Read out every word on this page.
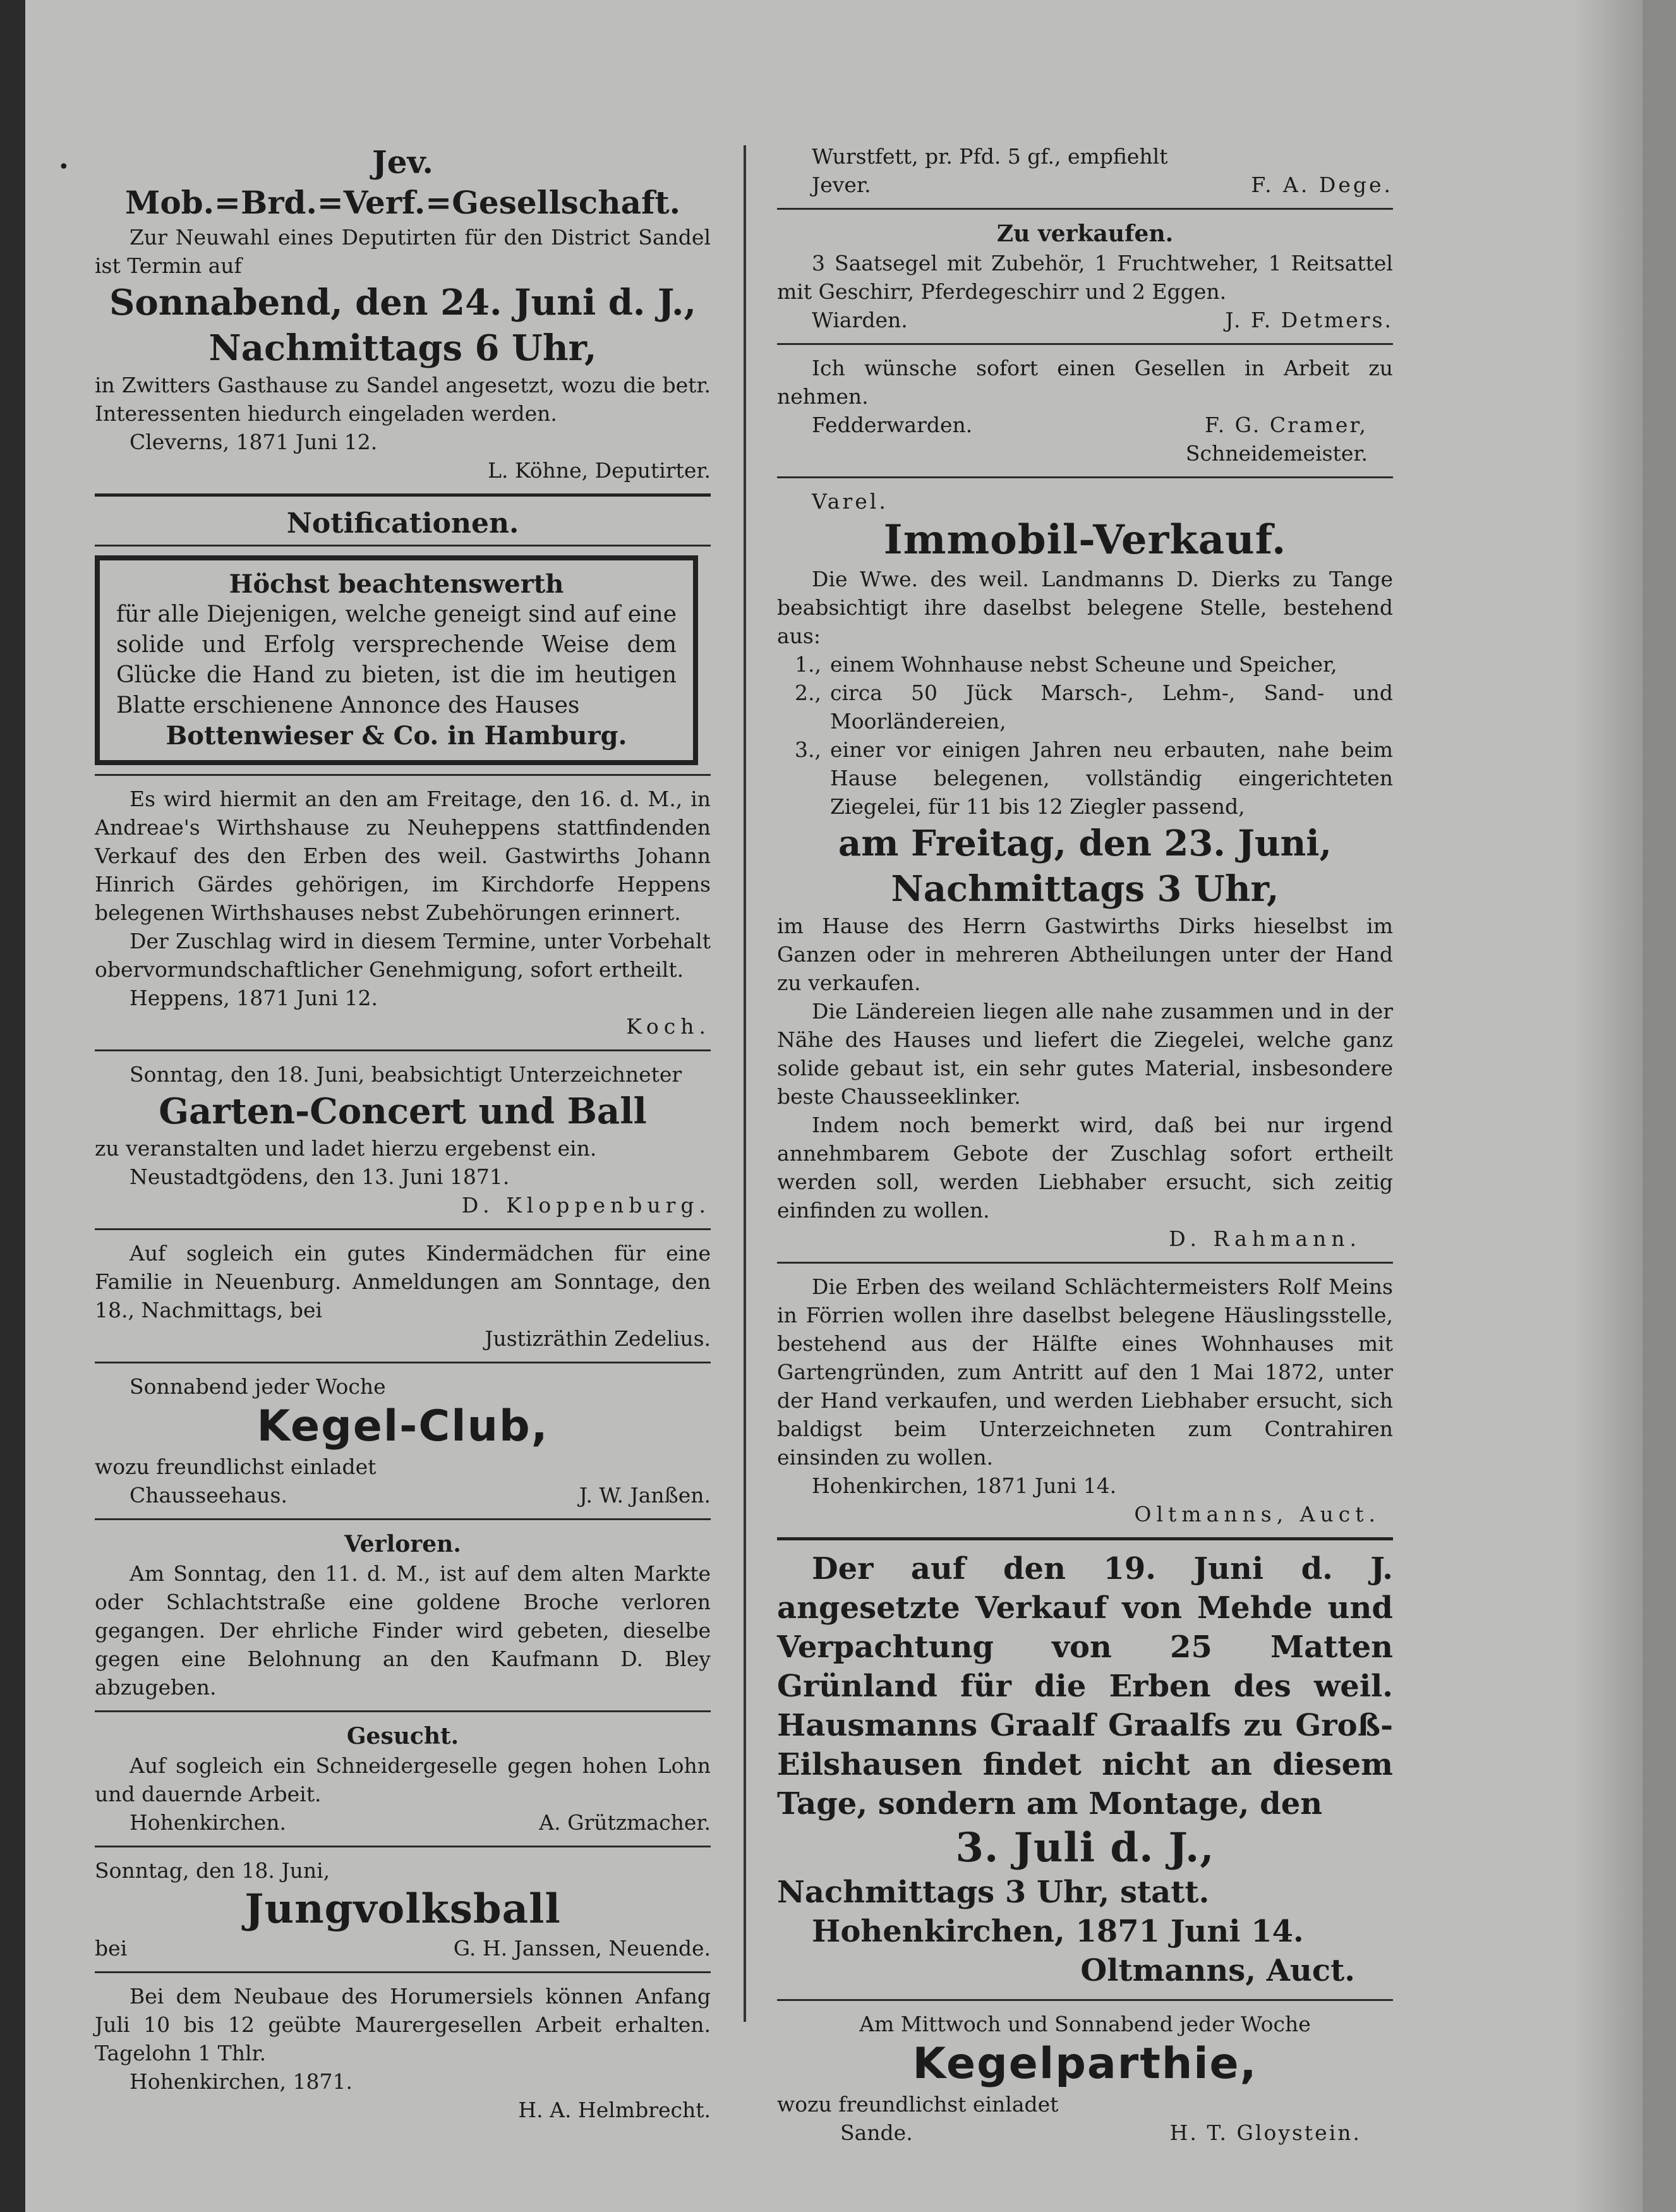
•	Jev. Mob.=Brd.=Verf.=Gesellschaft.

Zur Neuwahl eines Deputirten für den District Sandel ist Termin auf

Sonnabend, den 24. Juni d. J.,

Nachmittags 6 Uhr,

in Zwitters Gasthause zu Sandel angesetzt, wozu die betr. Interessenten hiedurch eingeladen werden.

Cleverns, 1871 Juni 12.

L. Köhne, Deputirter.

Notificationen.

Höchst beachtenswerth

für alle Diejenigen, welche geneigt sind auf eine solide und Erfolg versprechende Weise dem Glücke die Hand zu bieten, ist die im heutigen Blatte erschienene Annonce des Hauses

Bottenwieser & Co. in Hamburg.

Es wird hiermit an den am Freitage, den 16. d. M., in Andreae's Wirthshause zu Neuheppens stattfindenden Verkauf des den Erben des weil. Gastwirths Johann Hinrich Gärdes gehörigen, im Kirchdorfe Heppens belegenen Wirthshauses nebst Zubehörungen erinnert.

Der Zuschlag wird in diesem Termine, unter Vorbehalt obervormundschaftlicher Genehmigung, sofort ertheilt.

Heppens, 1871 Juni 12.

Koch.

Sonntag, den 18. Juni, beabsichtigt Unterzeichneter

Garten-Concert und Ball

zu veranstalten und ladet hierzu ergebenst ein.

Neustadtgödens, den 13. Juni 1871.

D. Kloppenburg.

Auf sogleich ein gutes Kindermädchen für eine Familie in Neuenburg. Anmeldungen am Sonntage, den 18., Nachmittags, bei

Justizräthin Zedelius.

Sonnabend jeder Woche

Kegel-Club,

wozu freundlichst einladet

Chausseehaus.	J. W. Janßen.

Verloren.

Am Sonntag, den 11. d. M., ist auf dem alten Markte oder Schlachtstraße eine goldene Broche verloren gegangen. Der ehrliche Finder wird gebeten, dieselbe gegen eine Belohnung an den Kaufmann D. Bley abzugeben.

Gesucht.

Auf sogleich ein Schneidergeselle gegen hohen Lohn und dauernde Arbeit.

Hohenkirchen.	A. Grützmacher.

Sonntag, den 18. Juni,

Jungvolksball

bei	G. H. Janssen, Neuende.

Bei dem Neubaue des Horumersiels können Anfang Juli 10 bis 12 geübte Maurergesellen Arbeit erhalten. Tagelohn 1 Thlr.

Hohenkirchen, 1871.

H. A. Helmbrecht.

Wurstfett, pr. Pfd. 5 gf., empfiehlt

Jever.	F. A. Dege.

Zu verkaufen.

3 Saatsegel mit Zubehör, 1 Fruchtweher, 1 Reitsattel mit Geschirr, Pferdegeschirr und 2 Eggen.

Wiarden.	J. F. Detmers.

Ich wünsche sofort einen Gesellen in Arbeit zu nehmen.

Fedderwarden.	F. G. Cramer,

Schneidemeister.

Varel.

Immobil-Verkauf.

Die Wwe. des weil. Landmanns D. Dierks zu Tange beabsichtigt ihre daselbst belegene Stelle, bestehend aus:

1., einem Wohnhause nebst Scheune und Speicher,
2., circa 50 Jück Marsch-, Lehm-, Sand- und Moorländereien,
3., einer vor einigen Jahren neu erbauten, nahe beim Hause belegenen, vollständig eingerichteten Ziegelei, für 11 bis 12 Ziegler passend,

am Freitag, den 23. Juni,

Nachmittags 3 Uhr,

im Hause des Herrn Gastwirths Dirks hieselbst im Ganzen oder in mehreren Abtheilungen unter der Hand zu verkaufen.

Die Ländereien liegen alle nahe zusammen und in der Nähe des Hauses und liefert die Ziegelei, welche ganz solide gebaut ist, ein sehr gutes Material, insbesondere beste Chausseeklinker.

Indem noch bemerkt wird, daß bei nur irgend annehmbarem Gebote der Zuschlag sofort ertheilt werden soll, werden Liebhaber ersucht, sich zeitig einfinden zu wollen.

D. Rahmann.

Die Erben des weiland Schlächtermeisters Rolf Meins in Förrien wollen ihre daselbst belegene Häuslingsstelle, bestehend aus der Hälfte eines Wohnhauses mit Gartengründen, zum Antritt auf den 1 Mai 1872, unter der Hand verkaufen, und werden Liebhaber ersucht, sich baldigst beim Unterzeichneten zum Contrahiren einsinden zu wollen.

Hohenkirchen, 1871 Juni 14.

Oltmanns, Auct.

Der auf den 19. Juni d. J. angesetzte Verkauf von Mehde und Verpachtung von 25 Matten Grünland für die Erben des weil. Hausmanns Graalf Graalfs zu Groß-Eilshausen findet nicht an diesem Tage, sondern am Montage, den

3. Juli d. J.,

Nachmittags 3 Uhr, statt.

Hohenkirchen, 1871 Juni 14.

Oltmanns, Auct.

Am Mittwoch und Sonnabend jeder Woche

Kegelparthie,

wozu freundlichst einladet

Sande.	H. T. Gloystein.
